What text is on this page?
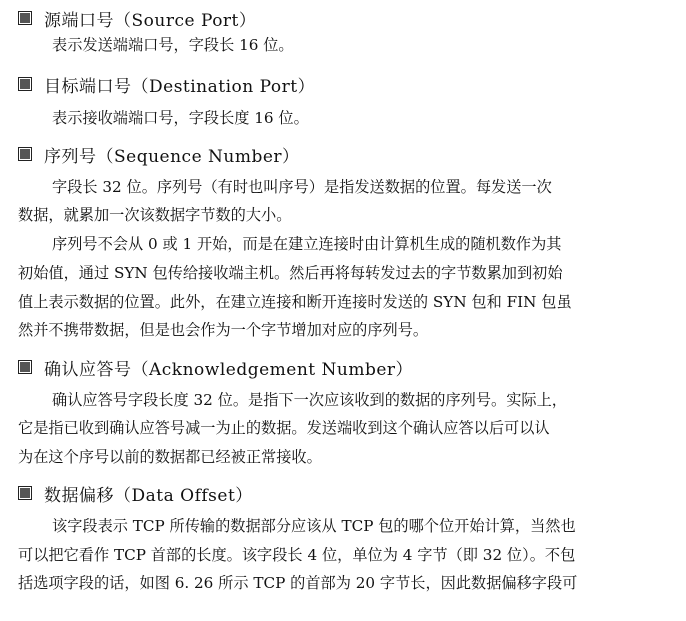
源端口号（Source Port）
表示发送端端口号，字段长 16 位。
目标端口号（Destination Port）
表示接收端端口号，字段长度 16 位。
序列号（Sequence Number）
字段长 32 位。序列号（有时也叫序号）是指发送数据的位置。每发送一次
数据，就累加一次该数据字节数的大小。
序列号不会从 0 或 1 开始，而是在建立连接时由计算机生成的随机数作为其
初始值，通过 SYN 包传给接收端主机。然后再将每转发过去的字节数累加到初始
值上表示数据的位置。此外，在建立连接和断开连接时发送的 SYN 包和 FIN 包虽
然并不携带数据，但是也会作为一个字节增加对应的序列号。
确认应答号（Acknowledgement Number）
确认应答号字段长度 32 位。是指下一次应该收到的数据的序列号。实际上，
它是指已收到确认应答号减一为止的数据。发送端收到这个确认应答以后可以认
为在这个序号以前的数据都已经被正常接收。
数据偏移（Data Offset）
该字段表示 TCP 所传输的数据部分应该从 TCP 包的哪个位开始计算，当然也
可以把它看作 TCP 首部的长度。该字段长 4 位，单位为 4 字节（即 32 位）。不包
括选项字段的话，如图 6. 26 所示 TCP 的首部为 20 字节长，因此数据偏移字段可
